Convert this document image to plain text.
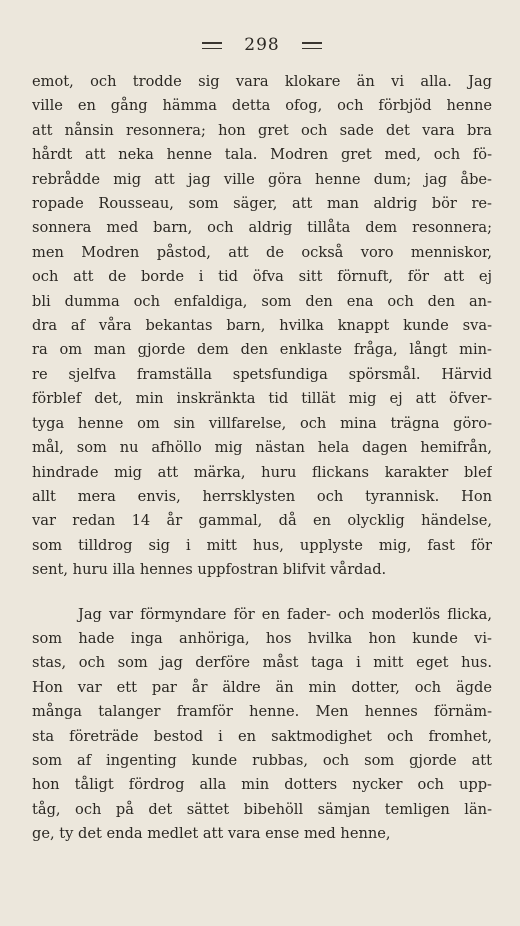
298
emot, och trodde sig vara klokare än vi alla. Jag
ville en gång hämma detta ofog, och förbjöd henne
att nånsin resonnera; hon gret och sade det vara bra
hårdt att neka henne tala. Modren gret med, och fö-
rebrådde mig att jag ville göra henne dum; jag åbe-
ropade Rousseau, som säger, att man aldrig bör re-
sonnera med barn, och aldrig tillåta dem resonnera;
men Modren påstod, att de också voro menniskor,
och att de borde i tid öfva sitt förnuft, för att ej
bli dumma och enfaldiga, som den ena och den an-
dra af våra bekantas barn, hvilka knappt kunde sva-
ra om man gjorde dem den enklaste fråga, långt min-
re sjelfva framställa spetsfundiga spörsmål. Härvid
förblef det, min inskränkta tid tillät mig ej att öfver-
tyga henne om sin villfarelse, och mina trägna göro-
mål, som nu afhöllo mig nästan hela dagen hemifrån,
hindrade mig att märka, huru flickans karakter blef
allt mera envis, herrsklysten och tyrannisk. Hon
var redan 14 år gammal, då en olycklig händelse,
som tilldrog sig i mitt hus, upplyste mig, fast för
sent, huru illa hennes uppfostran blifvit vårdad.
Jag var förmyndare för en fader- och moderlös flicka,
som hade inga anhöriga, hos hvilka hon kunde vi-
stas, och som jag derföre måst taga i mitt eget hus.
Hon var ett par år äldre än min dotter, och ägde
många talanger framför henne. Men hennes förnäm-
sta företräde bestod i en saktmodighet och fromhet,
som af ingenting kunde rubbas, och som gjorde att
hon tåligt fördrog alla min dotters nycker och upp-
tåg, och på det sättet bibehöll sämjan temligen län-
ge, ty det enda medlet att vara ense med henne,
